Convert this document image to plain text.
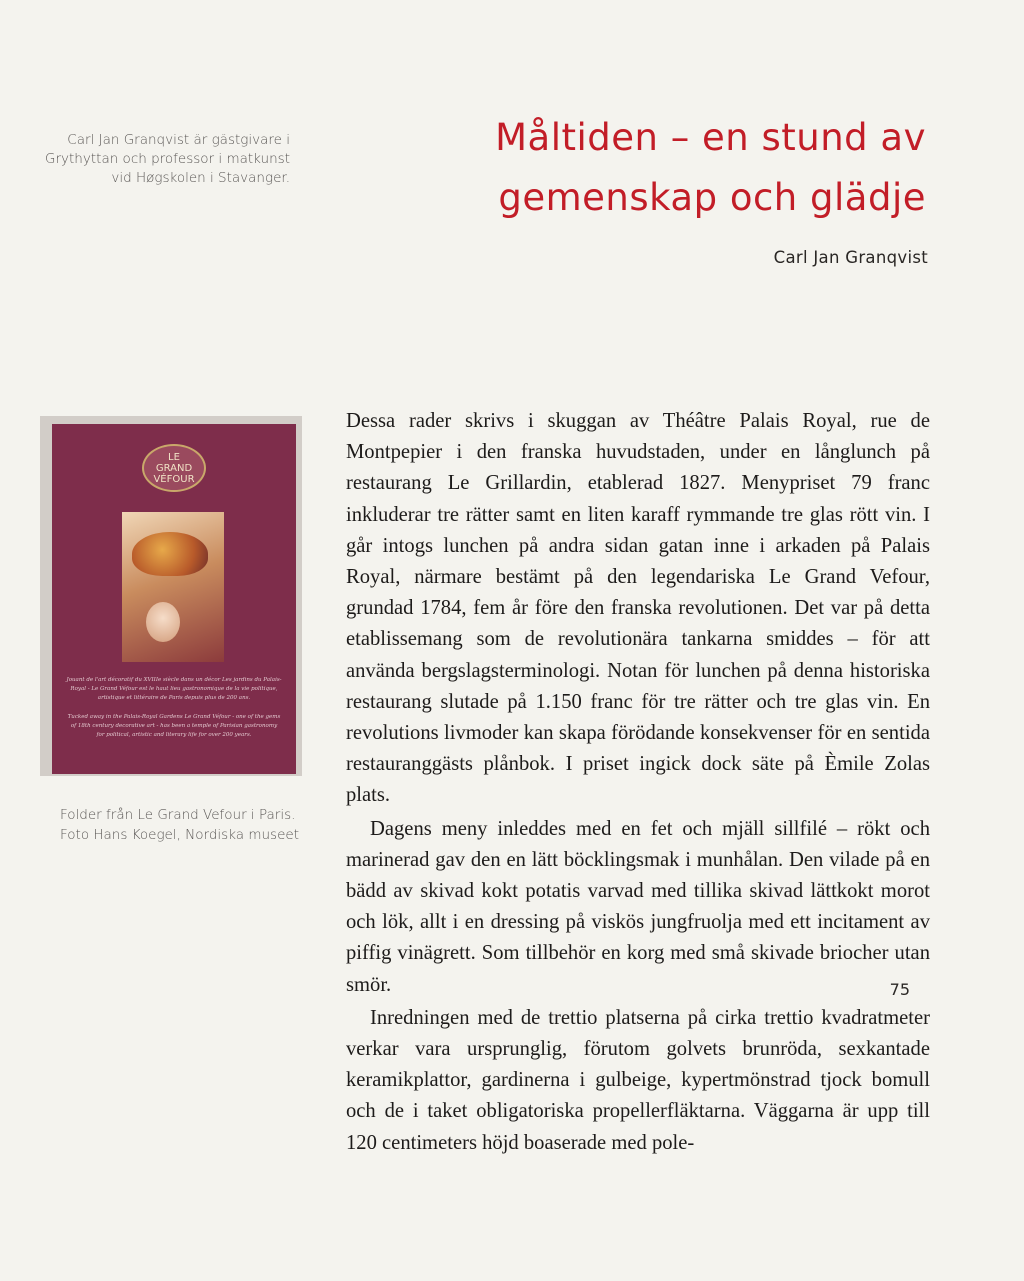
Carl Jan Granqvist är gästgivare i Grythyttan och professor i matkunst vid Høgskolen i Stavanger.
Måltiden – en stund av gemenskap och glädje
Carl Jan Granqvist
LE
GRAND
VÉFOUR

Jouant de l'art décoratif du XVIIIe siècle dans un décor Les jardins du Palais-Royal - Le Grand Véfour est le haut lieu gastronomique de la vie politique, artistique et littéraire de Paris depuis plus de 200 ans.

Tucked away in the Palais-Royal Gardens Le Grand Véfour - one of the gems of 18th century decorative art - has been a temple of Parisian gastronomy for political, artistic and literary life for over 200 years.

Folder från Le Grand Vefour i Paris. Foto Hans Koegel, Nordiska museet

Dessa rader skrivs i skuggan av Théâtre Palais Royal, rue de Montpepier i den franska huvudstaden, under en långlunch på restaurang Le Grillardin, etablerad 1827. Menypriset 79 franc inkluderar tre rätter samt en liten karaff rymmande tre glas rött vin. I går intogs lunchen på andra sidan gatan inne i arkaden på Palais Royal, närmare bestämt på den legendariska Le Grand Vefour, grundad 1784, fem år före den franska revolutionen. Det var på detta etablissemang som de revolutionära tankarna smiddes – för att använda bergslagsterminologi. Notan för lunchen på denna historiska restaurang slutade på 1.150 franc för tre rätter och tre glas vin. En revolutions livmoder kan skapa förödande konsekvenser för en sentida restauranggästs plånbok. I priset ingick dock säte på Èmile Zolas plats.

Dagens meny inleddes med en fet och mjäll sillfilé – rökt och marinerad gav den en lätt böcklingsmak i munhålan. Den vilade på en bädd av skivad kokt potatis varvad med tillika skivad lättkokt morot och lök, allt i en dressing på viskös jungfruolja med ett incitament av piffig vinägrett. Som tillbehör en korg med små skivade briocher utan smör.

Inredningen med de trettio platserna på cirka trettio kvadratmeter verkar vara ursprunglig, förutom golvets brunröda, sexkantade keramikplattor, gardinerna i gulbeige, kypertmönstrad tjock bomull och de i taket obligatoriska propellerfläktarna. Väggarna är upp till 120 centimeters höjd boaserade med pole-

75
